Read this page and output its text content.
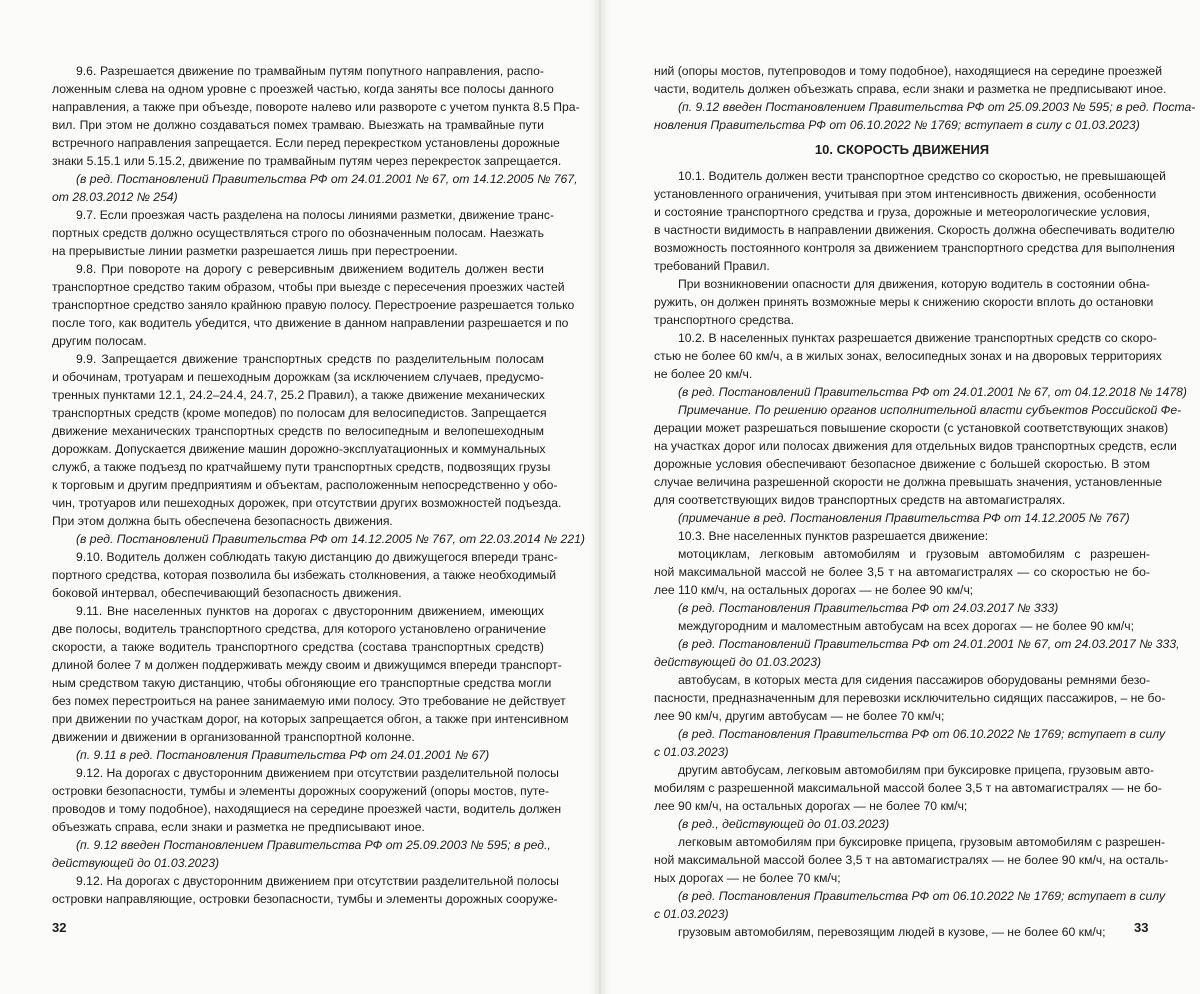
9.6. Разрешается движение по трамвайным путям попутного направления, распо-
ложенным слева на одном уровне с проезжей частью, когда заняты все полосы данного
направления, а также при объезде, повороте налево или развороте с учетом пункта 8.5 Пра-
вил. При этом не должно создаваться помех трамваю. Выезжать на трамвайные пути
встречного направления запрещается. Если перед перекрестком установлены дорожные
знаки 5.15.1 или 5.15.2, движение по трамвайным путям через перекресток запрещается.
(в ред. Постановлений Правительства РФ от 24.01.2001 № 67, от 14.12.2005 № 767,
от 28.03.2012 № 254)
9.7. Если проезжая часть разделена на полосы линиями разметки, движение транс-
портных средств должно осуществляться строго по обозначенным полосам. Наезжать
на прерывистые линии разметки разрешается лишь при перестроении.
9.8. При повороте на дорогу с реверсивным движением водитель должен вести
транспортное средство таким образом, чтобы при выезде с пересечения проезжих частей
транспортное средство заняло крайнюю правую полосу. Перестроение разрешается только
после того, как водитель убедится, что движение в данном направлении разрешается и по
другим полосам.
9.9. Запрещается движение транспортных средств по разделительным полосам
и обочинам, тротуарам и пешеходным дорожкам (за исключением случаев, предусмо-
тренных пунктами 12.1, 24.2–24.4, 24.7, 25.2 Правил), а также движение механических
транспортных средств (кроме мопедов) по полосам для велосипедистов. Запрещается
движение механических транспортных средств по велосипедным и велопешеходным
дорожкам. Допускается движение машин дорожно-эксплуатационных и коммунальных
служб, а также подъезд по кратчайшему пути транспортных средств, подвозящих грузы
к торговым и другим предприятиям и объектам, расположенным непосредственно у обо-
чин, тротуаров или пешеходных дорожек, при отсутствии других возможностей подъезда.
При этом должна быть обеспечена безопасность движения.
(в ред. Постановлений Правительства РФ от 14.12.2005 № 767, от 22.03.2014 № 221)
9.10. Водитель должен соблюдать такую дистанцию до движущегося впереди транс-
портного средства, которая позволила бы избежать столкновения, а также необходимый
боковой интервал, обеспечивающий безопасность движения.
9.11. Вне населенных пунктов на дорогах с двусторонним движением, имеющих
две полосы, водитель транспортного средства, для которого установлено ограничение
скорости, а также водитель транспортного средства (состава транспортных средств)
длиной более 7 м должен поддерживать между своим и движущимся впереди транспорт-
ным средством такую дистанцию, чтобы обгоняющие его транспортные средства могли
без помех перестроиться на ранее занимаемую ими полосу. Это требование не действует
при движении по участкам дорог, на которых запрещается обгон, а также при интенсивном
движении и движении в организованной транспортной колонне.
(п. 9.11 в ред. Постановления Правительства РФ от 24.01.2001 № 67)
9.12. На дорогах с двусторонним движением при отсутствии разделительной полосы
островки безопасности, тумбы и элементы дорожных сооружений (опоры мостов, путе-
проводов и тому подобное), находящиеся на середине проезжей части, водитель должен
объезжать справа, если знаки и разметка не предписывают иное.
(п. 9.12 введен Постановлением Правительства РФ от 25.09.2003 № 595; в ред.,
действующей до 01.03.2023)
9.12. На дорогах с двусторонним движением при отсутствии разделительной полосы
островки направляющие, островки безопасности, тумбы и элементы дорожных сооруже-
32
ний (опоры мостов, путепроводов и тому подобное), находящиеся на середине проезжей
части, водитель должен объезжать справа, если знаки и разметка не предписывают иное.
(п. 9.12 введен Постановлением Правительства РФ от 25.09.2003 № 595; в ред. Поста-
новления Правительства РФ от 06.10.2022 № 1769; вступает в силу с 01.03.2023)
10. СКОРОСТЬ ДВИЖЕНИЯ
10.1. Водитель должен вести транспортное средство со скоростью, не превышающей
установленного ограничения, учитывая при этом интенсивность движения, особенности
и состояние транспортного средства и груза, дорожные и метеорологические условия,
в частности видимость в направлении движения. Скорость должна обеспечивать водителю
возможность постоянного контроля за движением транспортного средства для выполнения
требований Правил.
При возникновении опасности для движения, которую водитель в состоянии обна-
ружить, он должен принять возможные меры к снижению скорости вплоть до остановки
транспортного средства.
10.2. В населенных пунктах разрешается движение транспортных средств со скоро-
стью не более 60 км/ч, а в жилых зонах, велосипедных зонах и на дворовых территориях
не более 20 км/ч.
(в ред. Постановлений Правительства РФ от 24.01.2001 № 67, от 04.12.2018 № 1478)
Примечание. По решению органов исполнительной власти субъектов Российской Фе-
дерации может разрешаться повышение скорости (с установкой соответствующих знаков)
на участках дорог или полосах движения для отдельных видов транспортных средств, если
дорожные условия обеспечивают безопасное движение с большей скоростью. В этом
случае величина разрешенной скорости не должна превышать значения, установленные
для соответствующих видов транспортных средств на автомагистралях.
(примечание в ред. Постановления Правительства РФ от 14.12.2005 № 767)
10.3. Вне населенных пунктов разрешается движение:
мотоциклам, легковым автомобилям и грузовым автомобилям с разрешен-
ной максимальной массой не более 3,5 т на автомагистралях — со скоростью не бо-
лее 110 км/ч, на остальных дорогах — не более 90 км/ч;
(в ред. Постановления Правительства РФ от 24.03.2017 № 333)
междугородним и маломестным автобусам на всех дорогах — не более 90 км/ч;
(в ред. Постановлений Правительства РФ от 24.01.2001 № 67, от 24.03.2017 № 333,
действующей до 01.03.2023)
автобусам, в которых места для сидения пассажиров оборудованы ремнями безо-
пасности, предназначенным для перевозки исключительно сидящих пассажиров, – не бо-
лее 90 км/ч, другим автобусам — не более 70 км/ч;
(в ред. Постановления Правительства РФ от 06.10.2022 № 1769; вступает в силу
с 01.03.2023)
другим автобусам, легковым автомобилям при буксировке прицепа, грузовым авто-
мобилям с разрешенной максимальной массой более 3,5 т на автомагистралях — не бо-
лее 90 км/ч, на остальных дорогах — не более 70 км/ч;
(в ред., действующей до 01.03.2023)
легковым автомобилям при буксировке прицепа, грузовым автомобилям с разрешен-
ной максимальной массой более 3,5 т на автомагистралях — не более 90 км/ч, на осталь-
ных дорогах — не более 70 км/ч;
(в ред. Постановления Правительства РФ от 06.10.2022 № 1769; вступает в силу
с 01.03.2023)
грузовым автомобилям, перевозящим людей в кузове, — не более 60 км/ч;	33
